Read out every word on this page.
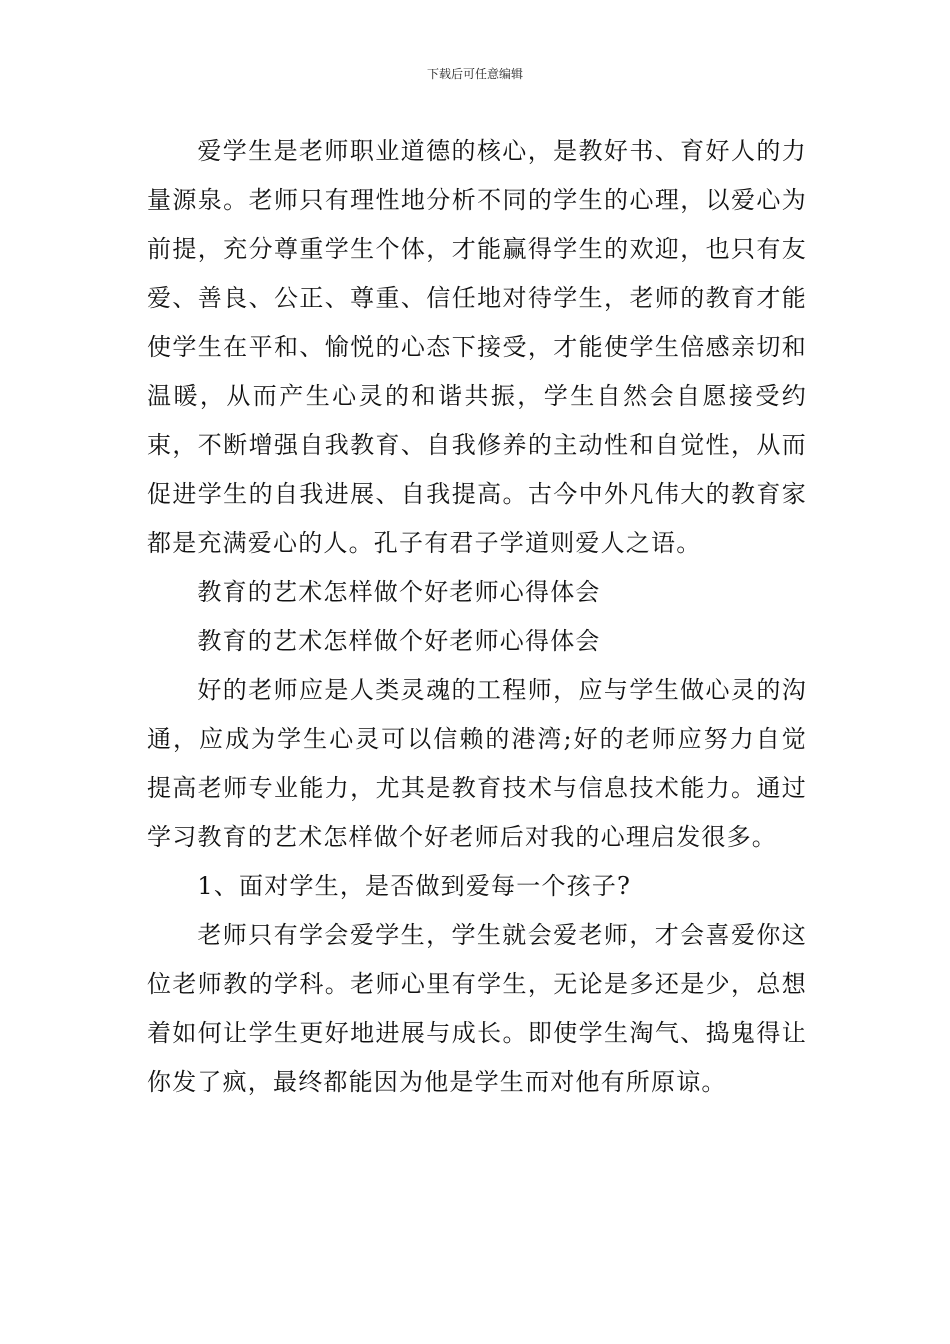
下载后可任意编辑

爱学生是老师职业道德的核心，是教好书、育好人的力量源泉。老师只有理性地分析不同的学生的心理，以爱心为前提，充分尊重学生个体，才能赢得学生的欢迎，也只有友爱、善良、公正、尊重、信任地对待学生，老师的教育才能使学生在平和、愉悦的心态下接受，才能使学生倍感亲切和温暖，从而产生心灵的和谐共振，学生自然会自愿接受约束，不断增强自我教育、自我修养的主动性和自觉性，从而促进学生的自我进展、自我提高。古今中外凡伟大的教育家都是充满爱心的人。孔子有君子学道则爱人之语。

教育的艺术怎样做个好老师心得体会

教育的艺术怎样做个好老师心得体会

好的老师应是人类灵魂的工程师，应与学生做心灵的沟通，应成为学生心灵可以信赖的港湾;好的老师应努力自觉提高老师专业能力，尤其是教育技术与信息技术能力。通过学习教育的艺术怎样做个好老师后对我的心理启发很多。

1、面对学生，是否做到爱每一个孩子?

老师只有学会爱学生，学生就会爱老师，才会喜爱你这位老师教的学科。老师心里有学生，无论是多还是少，总想着如何让学生更好地进展与成长。即使学生淘气、捣鬼得让你发了疯，最终都能因为他是学生而对他有所原谅。
